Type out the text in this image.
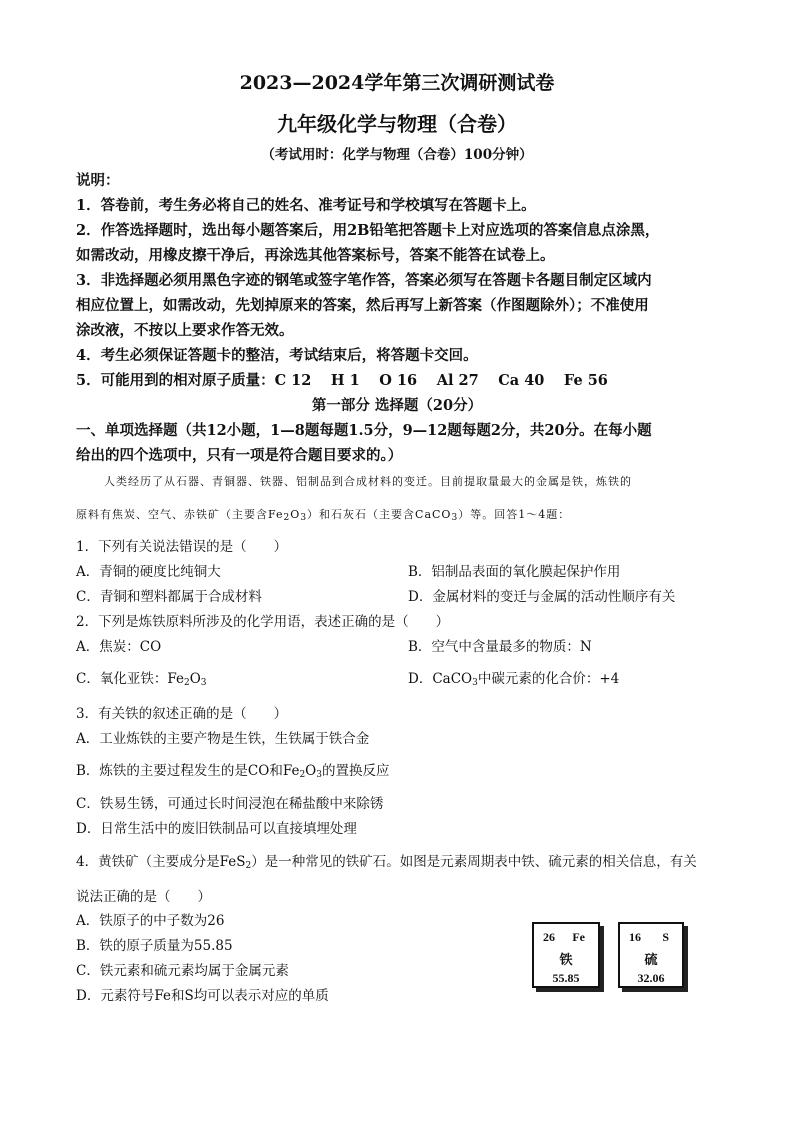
2023—2024学年第三次调研测试卷
九年级化学与物理（合卷）
（考试用时：化学与物理（合卷）100分钟）
说明：
1．答卷前，考生务必将自己的姓名、准考证号和学校填写在答题卡上。
2．作答选择题时，选出每小题答案后，用2B铅笔把答题卡上对应选项的答案信息点涂黑，
如需改动，用橡皮擦干净后，再涂选其他答案标号，答案不能答在试卷上。
3．非选择题必须用黑色字迹的钢笔或签字笔作答，答案必须写在答题卡各题目制定区域内
相应位置上，如需改动，先划掉原来的答案，然后再写上新答案（作图题除外）；不准使用
涂改液，不按以上要求作答无效。
4．考生必须保证答题卡的整洁，考试结束后，将答题卡交回。
5．可能用到的相对原子质量：C 12　 H 1　 O 16　 Al 27　 Ca 40　 Fe 56
第一部分 选择题（20分）
一、单项选择题（共12小题，1—8题每题1.5分，9—12题每题2分，共20分。在每小题
给出的四个选项中，只有一项是符合题目要求的。）
人类经历了从石器、青铜器、铁器、铝制品到合成材料的变迁。目前提取量最大的金属是铁，炼铁的
原料有焦炭、空气、赤铁矿（主要含$Fe_2O_3$）和石灰石（主要含CaCO$_3$）等。回答1～4题：
1．下列有关说法错误的是（　　）
A．青铜的硬度比纯铜大	B．铝制品表面的氧化膜起保护作用
C．青铜和塑料都属于合成材料	D．金属材料的变迁与金属的活动性顺序有关
2．下列是炼铁原料所涉及的化学用语，表述正确的是（　　）
A．焦炭：CO	B．空气中含量最多的物质：N
C．氧化亚铁：$Fe_2O_3$	D．CaCO$_3$中碳元素的化合价：+4
3．有关铁的叙述正确的是（　　）
A．工业炼铁的主要产物是生铁，生铁属于铁合金
B．炼铁的主要过程发生的是CO和$Fe_2O_3$的置换反应
C．铁易生锈，可通过长时间浸泡在稀盐酸中来除锈
D．日常生活中的废旧铁制品可以直接填埋处理
4．黄铁矿（主要成分是FeS$_2$）是一种常见的铁矿石。如图是元素周期表中铁、硫元素的相关信息，有关
说法正确的是（　　）
A．铁原子的中子数为26
B．铁的原子质量为55.85
C．铁元素和硫元素均属于金属元素
D．元素符号Fe和S均可以表示对应的单质
26 Fe
铁
55.85
16 S
硫
32.06
